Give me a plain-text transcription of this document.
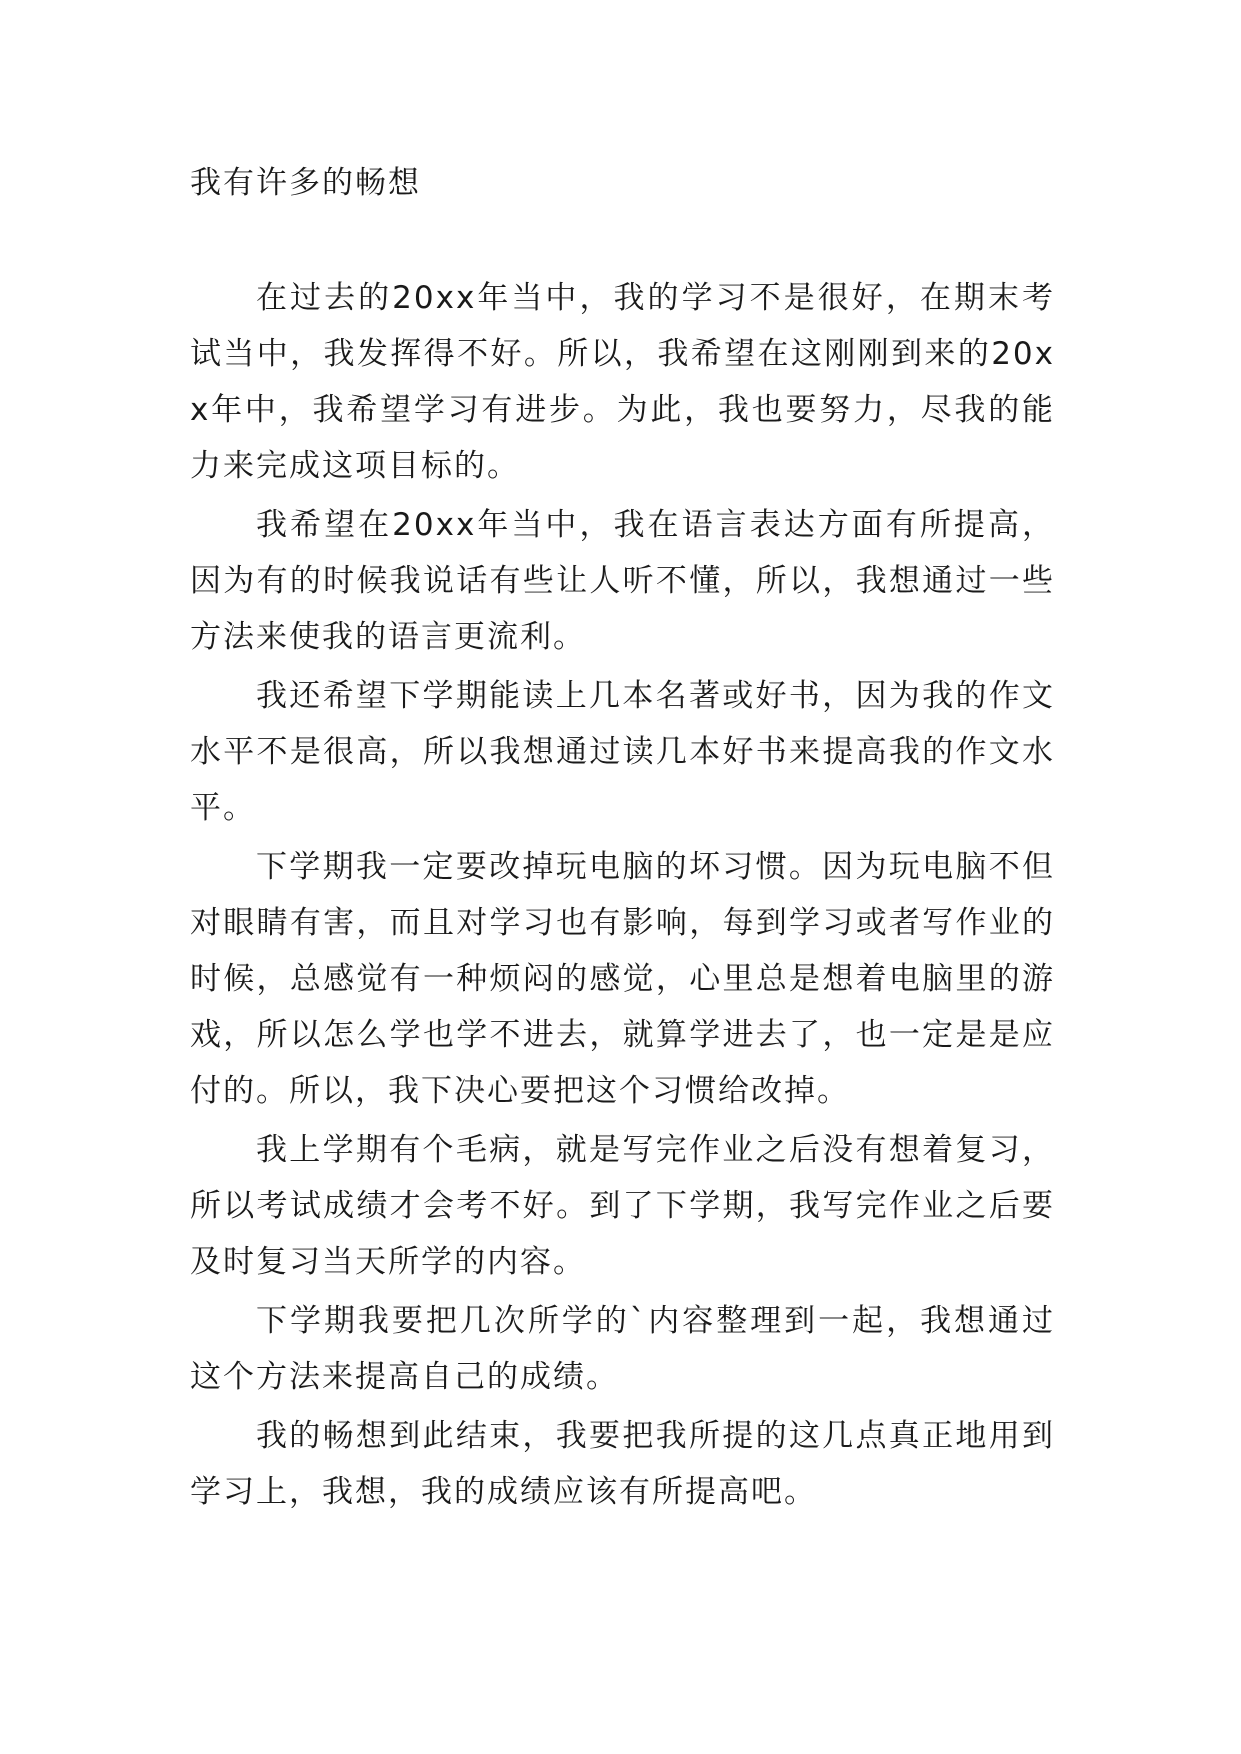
我有许多的畅想

在过去的20xx年当中，我的学习不是很好，在期末考试当中，我发挥得不好。所以，我希望在这刚刚到来的20xx年中，我希望学习有进步。为此，我也要努力，尽我的能力来完成这项目标的。

我希望在20xx年当中，我在语言表达方面有所提高，因为有的时候我说话有些让人听不懂，所以，我想通过一些方法来使我的语言更流利。

我还希望下学期能读上几本名著或好书，因为我的作文水平不是很高，所以我想通过读几本好书来提高我的作文水平。

下学期我一定要改掉玩电脑的坏习惯。因为玩电脑不但对眼睛有害，而且对学习也有影响，每到学习或者写作业的时候，总感觉有一种烦闷的感觉，心里总是想着电脑里的游戏，所以怎么学也学不进去，就算学进去了，也一定是是应付的。所以，我下决心要把这个习惯给改掉。

我上学期有个毛病，就是写完作业之后没有想着复习，所以考试成绩才会考不好。到了下学期，我写完作业之后要及时复习当天所学的内容。

下学期我要把几次所学的`内容整理到一起，我想通过这个方法来提高自己的成绩。

我的畅想到此结束，我要把我所提的这几点真正地用到学习上，我想，我的成绩应该有所提高吧。
